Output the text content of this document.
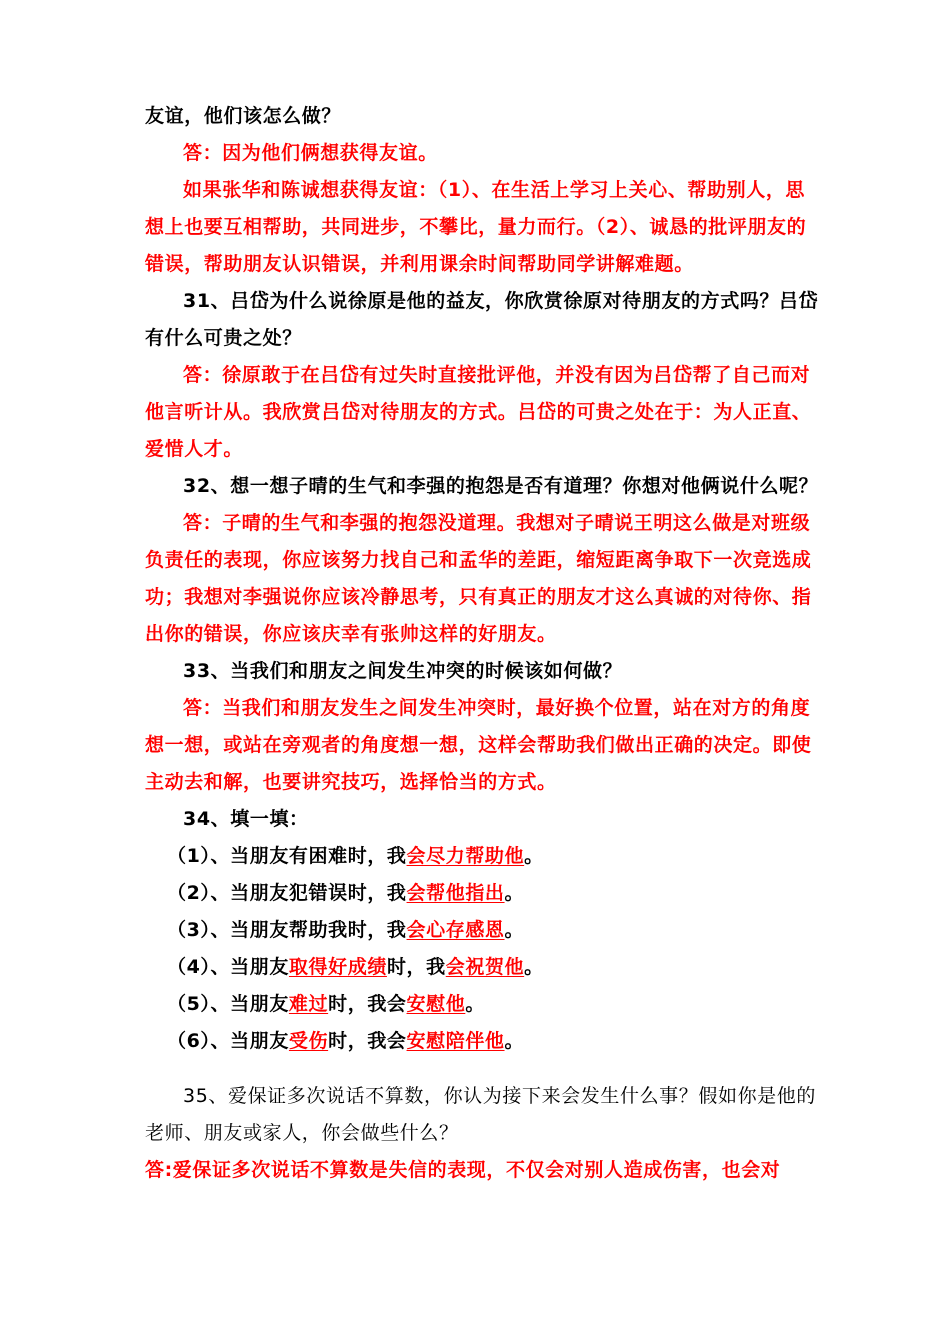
友谊，他们该怎么做？
答：因为他们俩想获得友谊。
如果张华和陈诚想获得友谊：（1）、在生活上学习上关心、帮助别人，思
想上也要互相帮助，共同进步，不攀比，量力而行。（2）、诚恳的批评朋友的
错误，帮助朋友认识错误，并利用课余时间帮助同学讲解难题。
31、吕岱为什么说徐原是他的益友，你欣赏徐原对待朋友的方式吗？吕岱
有什么可贵之处？
答：徐原敢于在吕岱有过失时直接批评他，并没有因为吕岱帮了自己而对
他言听计从。我欣赏吕岱对待朋友的方式。吕岱的可贵之处在于：为人正直、
爱惜人才。
32、想一想子晴的生气和李强的抱怨是否有道理？你想对他俩说什么呢？
答：子晴的生气和李强的抱怨没道理。我想对子晴说王明这么做是对班级
负责任的表现，你应该努力找自己和孟华的差距，缩短距离争取下一次竞选成
功；我想对李强说你应该冷静思考，只有真正的朋友才这么真诚的对待你、指
出你的错误，你应该庆幸有张帅这样的好朋友。
33、当我们和朋友之间发生冲突的时候该如何做？
答：当我们和朋友发生之间发生冲突时，最好换个位置，站在对方的角度
想一想，或站在旁观者的角度想一想，这样会帮助我们做出正确的决定。即使
主动去和解，也要讲究技巧，选择恰当的方式。
34、填一填：
（1）、当朋友有困难时，我会尽力帮助他。
（2）、当朋友犯错误时，我会帮他指出。
（3）、当朋友帮助我时，我会心存感恩。
（4）、当朋友取得好成绩时，我会祝贺他。
（5）、当朋友难过时，我会安慰他。
（6）、当朋友受伤时，我会安慰陪伴他。
35、爱保证多次说话不算数，你认为接下来会发生什么事？假如你是他的
老师、朋友或家人，你会做些什么？
答:爱保证多次说话不算数是失信的表现，不仅会对别人造成伤害，也会对
